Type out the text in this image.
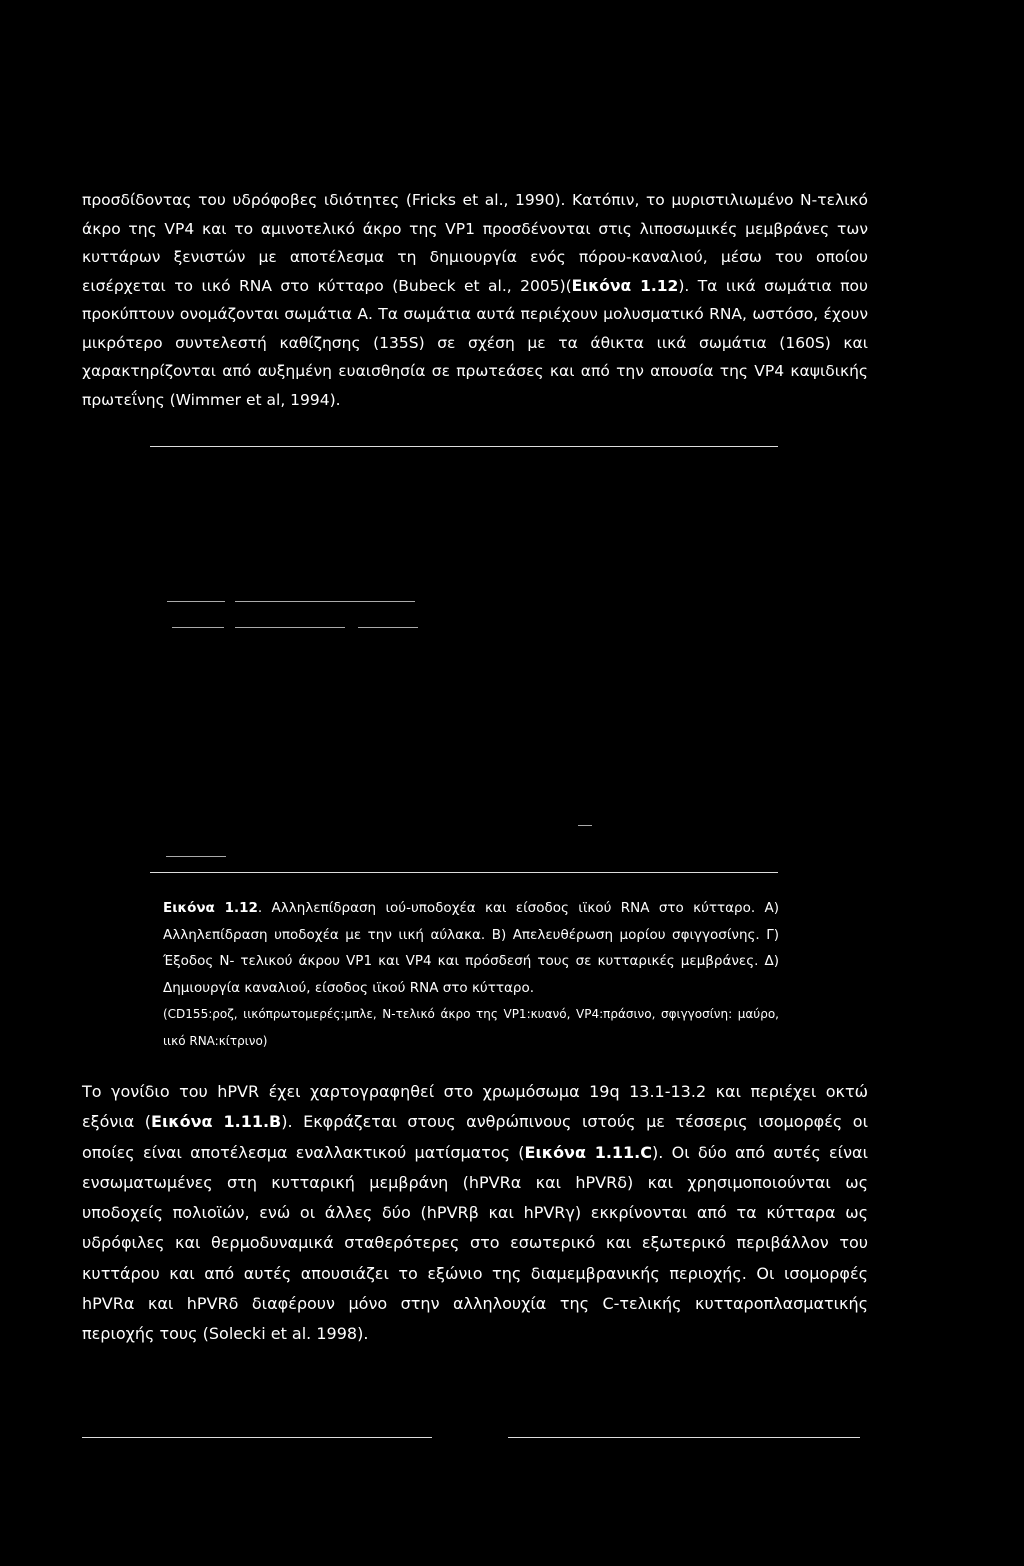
προσδίδοντας του υδρόφοβες ιδιότητες (Fricks et al., 1990). Κατόπιν, το μυριστιλιωμένο Ν-τελικό άκρο της VP4 και το αμινοτελικό άκρο της VP1 προσδένονται στις λιποσωμικές μεμβράνες των κυττάρων ξενιστών με αποτέλεσμα τη δημιουργία ενός πόρου-καναλιού, μέσω του οποίου εισέρχεται το ιικό RNA στο κύτταρο (Bubeck et al., 2005)(Εικόνα 1.12). Τα ιικά σωμάτια που προκύπτουν ονομάζονται σωμάτια Α. Τα σωμάτια αυτά περιέχουν μολυσματικό RNA, ωστόσο, έχουν μικρότερο συντελεστή καθίζησης (135S) σε σχέση με τα άθικτα ιικά σωμάτια (160S) και χαρακτηρίζονται από αυξημένη ευαισθησία σε πρωτεάσες και από την απουσία της VP4 καψιδικής πρωτεΐνης (Wimmer et al, 1994).

Εικόνα 1.12. Αλληλεπίδραση ιού-υποδοχέα και είσοδος ιϊκού RNA στο κύτταρο. Α) Αλληλεπίδραση υποδοχέα με την ιική αύλακα. Β) Απελευθέρωση μορίου σφιγγοσίνης. Γ) Έξοδος Ν- τελικού άκρου VP1 και VP4 και πρόσδεσή τους σε κυτταρικές μεμβράνες. Δ) Δημιουργία καναλιού, είσοδος ιϊκού RNA στο κύτταρο.
(CD155:ροζ, ιικόπρωτομερές:μπλε, Ν-τελικό άκρο της VP1:κυανό, VP4:πράσινο, σφιγγοσίνη: μαύρο, ιικό RNA:κίτρινο)

Το γονίδιο του hPVR έχει χαρτογραφηθεί στο χρωμόσωμα 19q 13.1-13.2 και περιέχει οκτώ εξόνια (Εικόνα 1.11.Β). Εκφράζεται στους ανθρώπινους ιστούς με τέσσερις ισομορφές οι οποίες είναι αποτέλεσμα εναλλακτικού ματίσματος (Εικόνα 1.11.C). Οι δύο από αυτές είναι ενσωματωμένες στη κυτταρική μεμβράνη (hPVRα και hPVRδ) και χρησιμοποιούνται ως υποδοχείς πολιοϊών, ενώ οι άλλες δύο (hPVRβ και hPVRγ) εκκρίνονται από τα κύτταρα ως υδρόφιλες και θερμοδυναμικά σταθερότερες στο εσωτερικό και εξωτερικό περιβάλλον του κυττάρου και από αυτές απουσιάζει το εξώνιο της διαμεμβρανικής περιοχής. Οι ισομορφές hPVRα και hPVRδ διαφέρουν μόνο στην αλληλουχία της C-τελικής κυτταροπλασματικής περιοχής τους (Solecki et al. 1998).
